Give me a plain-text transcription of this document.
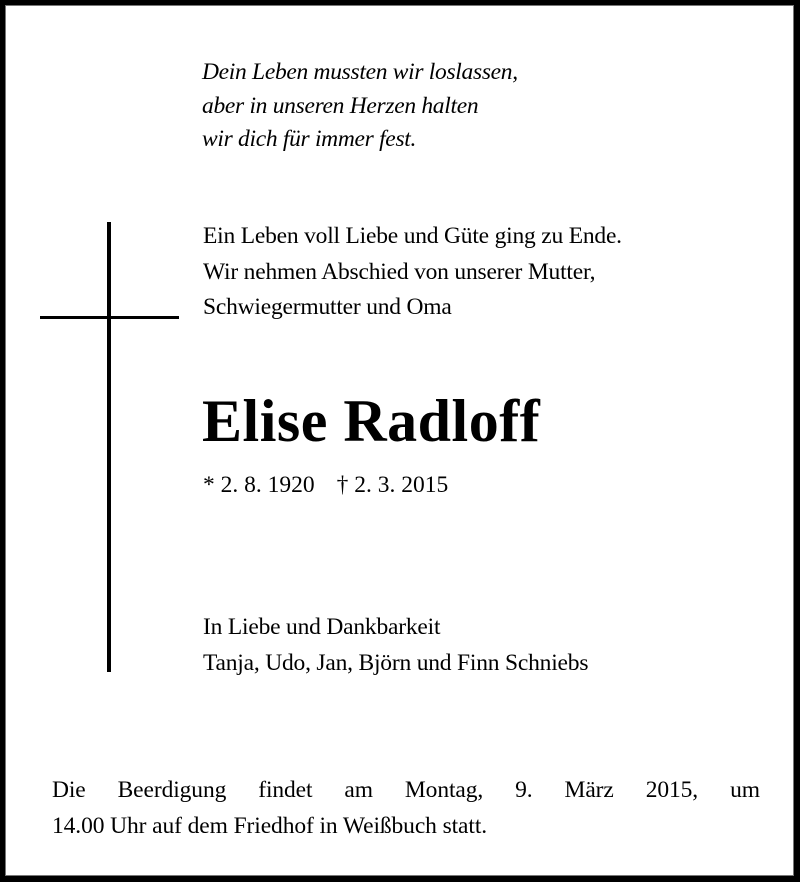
Dein Leben mussten wir loslassen,
aber in unseren Herzen halten
wir dich für immer fest.
Ein Leben voll Liebe und Güte ging zu Ende.
Wir nehmen Abschied von unserer Mutter,
Schwiegermutter und Oma
Elise Radloff
* 2. 8. 1920 † 2. 3. 2015
In Liebe und Dankbarkeit
Tanja, Udo, Jan, Björn und Finn Schniebs
Die Beerdigung findet am Montag, 9. März 2015, um
14.00 Uhr auf dem Friedhof in Weißbuch statt.
